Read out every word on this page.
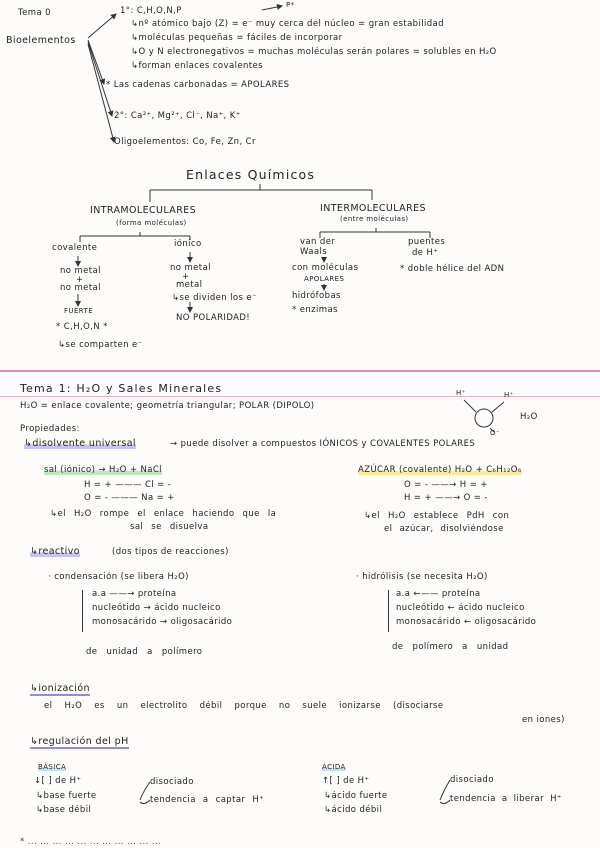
Tema 0
Bioelementos
1°: C,H,O,N,P
P*
↳nº atómico bajo (Z) = e⁻ muy cerca del núcleo = gran estabilidad
↳moléculas pequeñas = fáciles de incorporar
↳O y N electronegativos = muchas moléculas serán polares = solubles en H₂O
↳forman enlaces covalentes
* Las cadenas carbonadas = APOLARES
2°: Ca²⁺, Mg²⁺, Cl⁻, Na⁺, K⁺
Oligoelementos: Co, Fe, Zn, Cr
Enlaces Químicos
INTRAMOLECULARES
(forma moléculas)
INTERMOLECULARES
(entre moléculas)
covalente
no metal
+
no metal
FUERTE
* C,H,O,N *
↳se comparten e⁻
iónico
no metal
+
metal
↳se dividen los e⁻
NO POLARIDAD!
van der
Waals
con moléculas
APOLARES
hidrófobas
* enzimas
puentes
de H⁺
* doble hélice del ADN
Tema 1: H₂O y Sales Minerales
H₂O = enlace covalente; geometría triangular; POLAR (DIPOLO)
H⁺	H⁺
O⁻
H₂O
Propiedades:
↳disolvente universal	→ puede disolver a compuestos IÓNICOS y COVALENTES POLARES
sal (iónico) → H₂O + NaCl
H = + ——— Cl = -
O = - ——— Na = +
↳el H₂O rompe el enlace haciendo que la
sal se disuelva
AZÚCAR (covalente) H₂O + C₆H₁₂O₆
O = - ——→ H = +
H = + ——→ O = -
↳el H₂O establece PdH con
el azúcar, disolviéndose
↳reactivo	(dos tipos de reacciones)
· condensación (se libera H₂O)
a.a ——→ proteína
nucleótido → ácido nucleico
monosacárido → oligosacárido
de unidad a polímero
· hidrólisis (se necesita H₂O)
a.a ←—— proteína
nucleótido ← ácido nucleico
monosacárido ← oligosacárido
de polímero a unidad
↳ionización
el H₂O es un electrolito débil porque no suele ionizarse (disociarse
en iones)
↳regulación del pH
BÁSICA
↓[ ] de H⁺
↳base fuerte
↳base débil
disociado
tendencia a captar H⁺
ÁCIDA
↑[ ] de H⁺
↳ácido fuerte
↳ácido débil
disociado
tendencia a liberar H⁺
* ... ... ... ... ... ... ... ... ... ... ...
